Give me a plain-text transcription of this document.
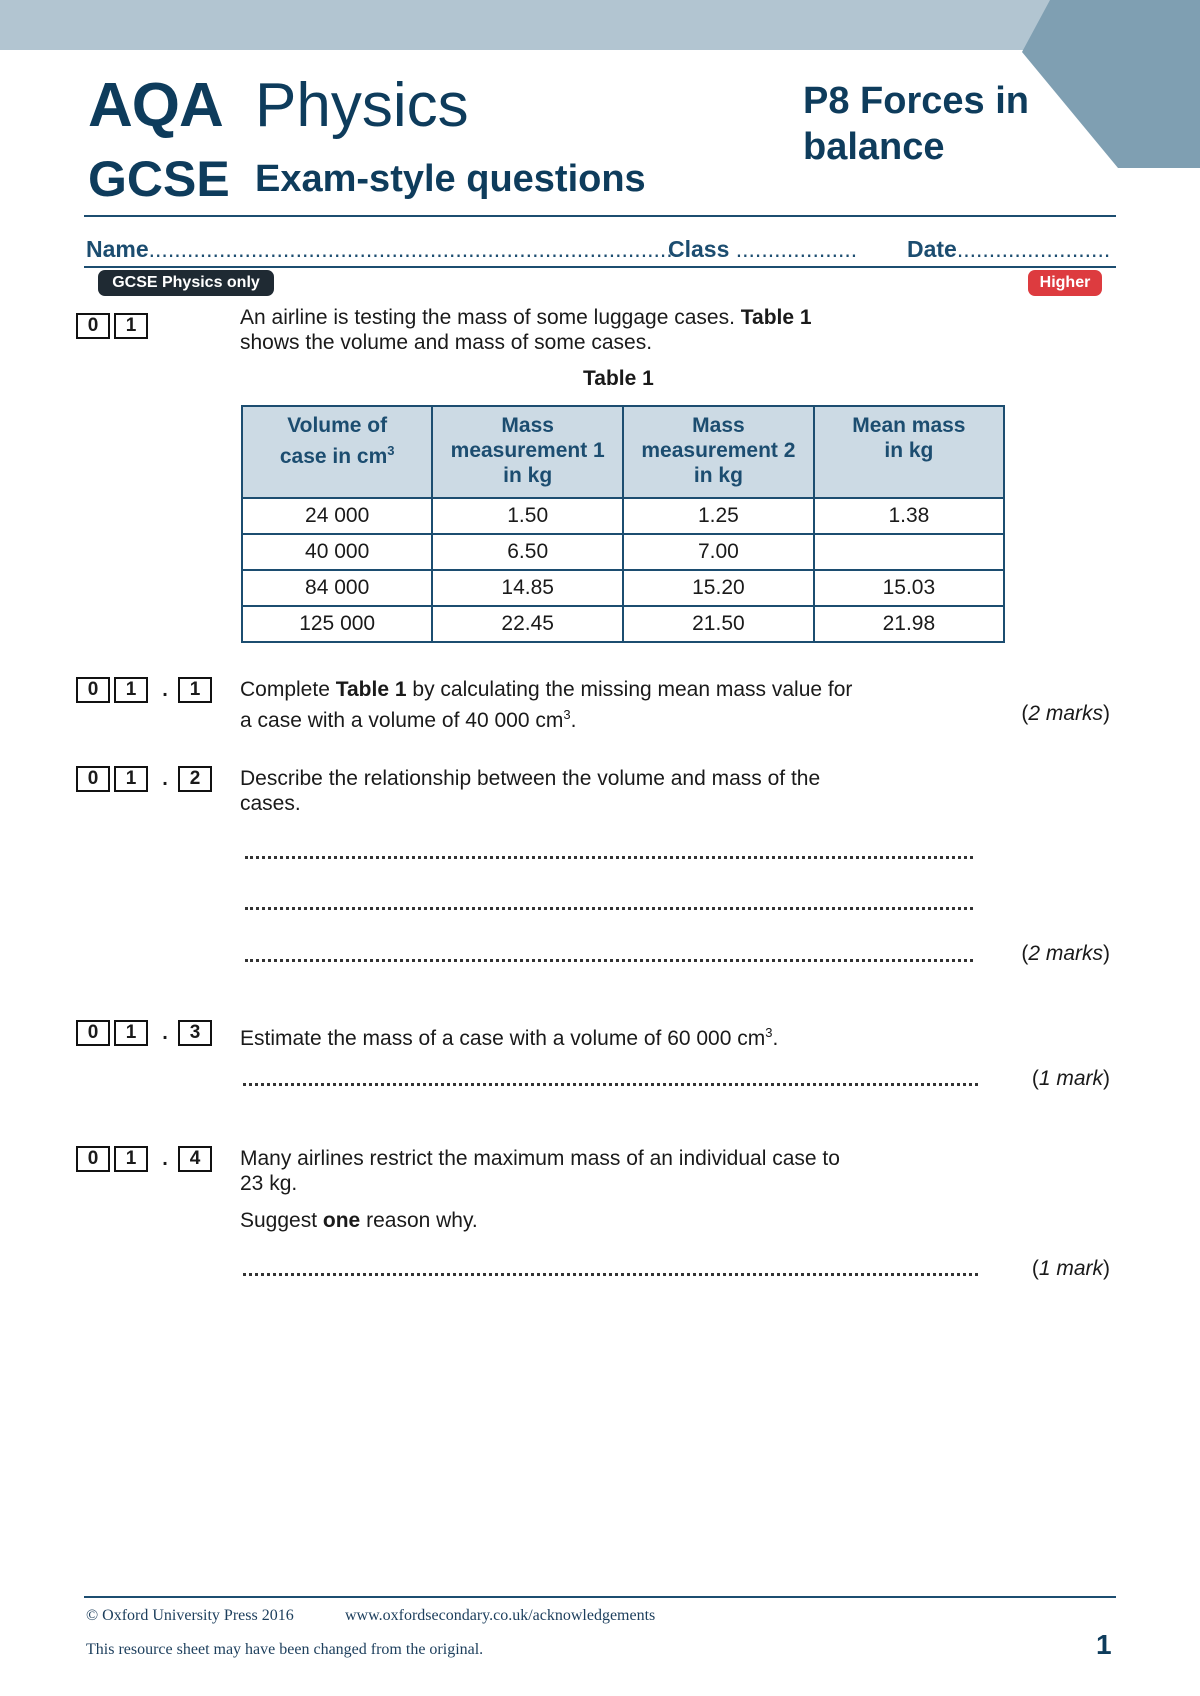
AQA Physics
GCSE Exam-style questions
P8 Forces in balance
Name...................................................................................
Class ................... Date........................
GCSE Physics only	Higher
0	1	An airline is testing the mass of some luggage cases. Table 1
shows the volume and mass of some cases.
Table 1
Volume of
case in $cm^3$	Mass
measurement 1
in kg	Mass
measurement 2
in kg	Mean mass
in kg
24 000	1.50	1.25	1.38
40 000	6.50	7.00	
84 000	14.85	15.20	15.03
125 000	22.45	21.50	21.98
0	1	.	1	Complete Table 1 by calculating the missing mean mass value for
a case with a volume of 40 000 $cm^3$.	(2 marks)
0	1	.	2	Describe the relationship between the volume and mass of the
cases.
(2 marks)
0	1	.	3	Estimate the mass of a case with a volume of 60 000 $cm^3$.
(1 mark)
0	1	.	4	Many airlines restrict the maximum mass of an individual case to
23 kg.
Suggest one reason why.
(1 mark)
© Oxford University Press 2016	www.oxfordsecondary.co.uk/acknowledgements
This resource sheet may have been changed from the original.	1
